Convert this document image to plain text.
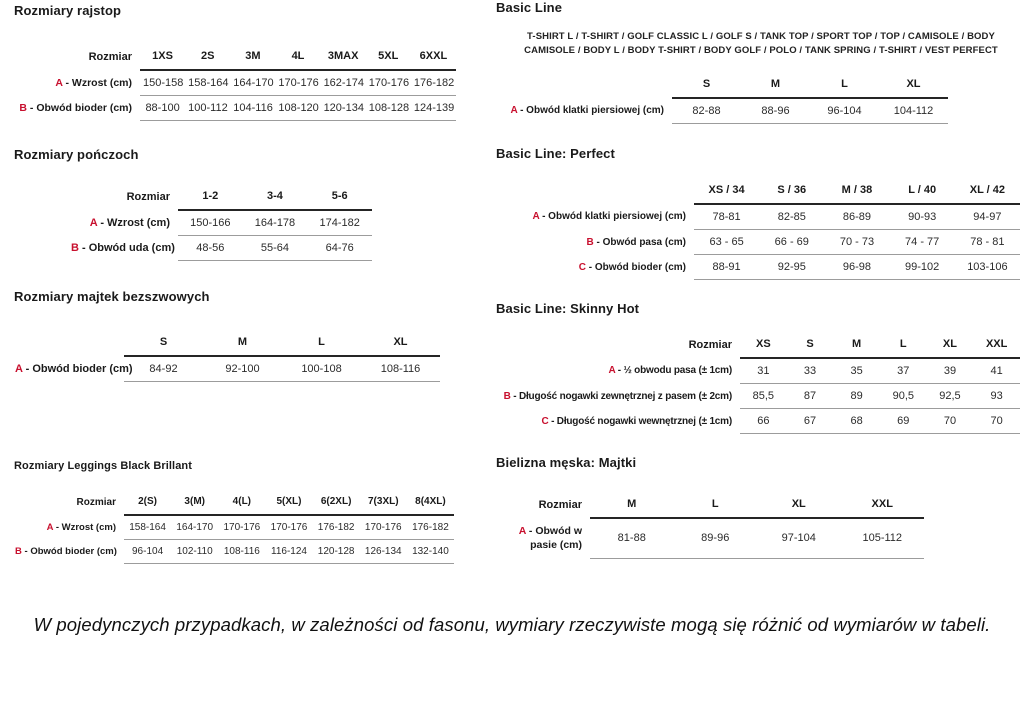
Rozmiary rajstop
Rozmiar	1XS	2S	3M	4L	3MAX	5XL	6XXL
A - Wzrost (cm)	150-158	158-164	164-170	170-176	162-174	170-176	176-182
B - Obwód bioder (cm)	88-100	100-112	104-116	108-120	120-134	108-128	124-139
Rozmiary pończoch
Rozmiar	1-2	3-4	5-6
A - Wzrost (cm)	150-166	164-178	174-182
B - Obwód uda (cm)	48-56	55-64	64-76
Rozmiary majtek bezszwowych
	S	M	L	XL
A - Obwód bioder (cm)	84-92	92-100	100-108	108-116
Rozmiary Leggings Black Brillant
Rozmiar	2(S)	3(M)	4(L)	5(XL)	6(2XL)	7(3XL)	8(4XL)
A - Wzrost (cm)	158-164	164-170	170-176	170-176	176-182	170-176	176-182
B - Obwód bioder (cm)	96-104	102-110	108-116	116-124	120-128	126-134	132-140
Basic Line
T-SHIRT L / T-SHIRT / GOLF CLASSIC L / GOLF S / TANK TOP / SPORT TOP / TOP / CAMISOLE / BODY
CAMISOLE / BODY L / BODY T-SHIRT / BODY GOLF / POLO / TANK SPRING / T-SHIRT / VEST PERFECT
	S	M	L	XL
A - Obwód klatki piersiowej (cm)	82-88	88-96	96-104	104-112
Basic Line: Perfect
	XS / 34	S / 36	M / 38	L / 40	XL / 42
A - Obwód klatki piersiowej (cm)	78-81	82-85	86-89	90-93	94-97
B - Obwód pasa (cm)	63 - 65	66 - 69	70 - 73	74 - 77	78 - 81
C - Obwód bioder (cm)	88-91	92-95	96-98	99-102	103-106
Basic Line: Skinny Hot
Rozmiar	XS	S	M	L	XL	XXL
A - ½ obwodu pasa (± 1cm)	31	33	35	37	39	41
B - Długość nogawki zewnętrznej z pasem (± 2cm)	85,5	87	89	90,5	92,5	93
C - Długość nogawki wewnętrznej (± 1cm)	66	67	68	69	70	70
Bielizna męska: Majtki
Rozmiar	M	L	XL	XXL
A - Obwód w pasie (cm)	81-88	89-96	97-104	105-112
W pojedynczych przypadkach, w zależności od fasonu, wymiary rzeczywiste mogą się różnić od wymiarów w tabeli.
